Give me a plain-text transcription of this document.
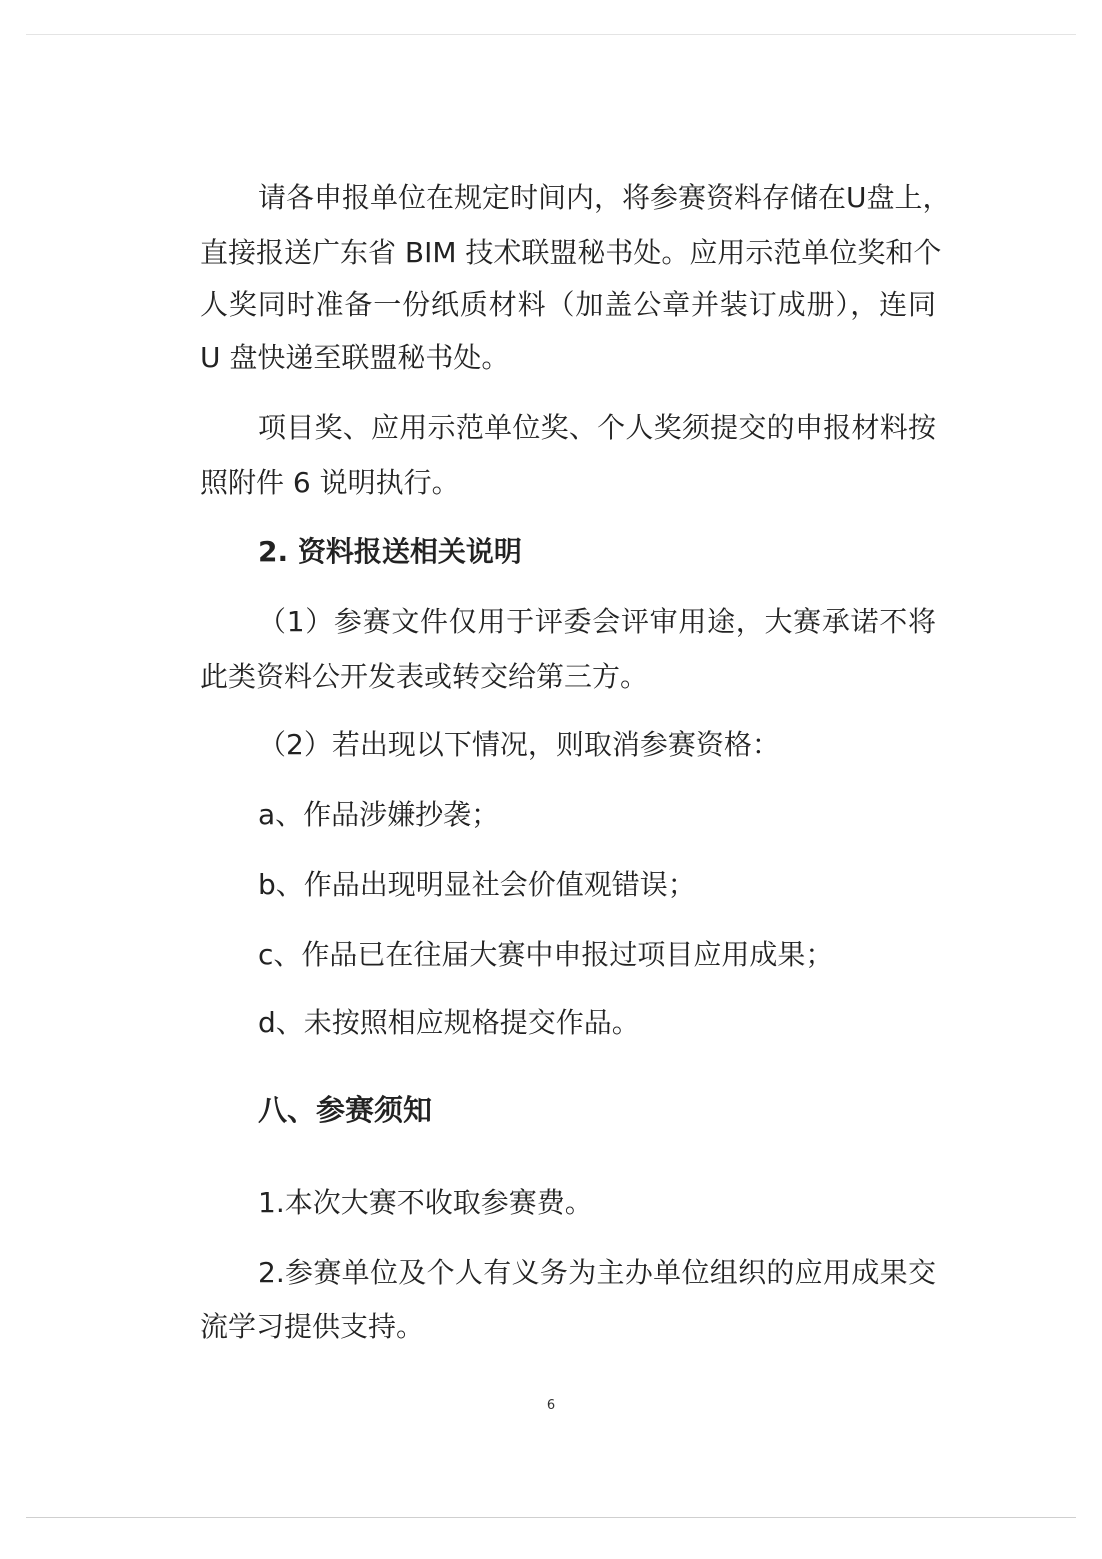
请各申报单位在规定时间内，将参赛资料存储在U盘上，
直接报送广东省 BIM 技术联盟秘书处。应用示范单位奖和个
人奖同时准备一份纸质材料（加盖公章并装订成册），连同
U 盘快递至联盟秘书处。
项目奖、应用示范单位奖、个人奖须提交的申报材料按
照附件 6 说明执行。
2. 资料报送相关说明
（1）参赛文件仅用于评委会评审用途，大赛承诺不将
此类资料公开发表或转交给第三方。
（2）若出现以下情况，则取消参赛资格：
a、作品涉嫌抄袭；
b、作品出现明显社会价值观错误；
c、作品已在往届大赛中申报过项目应用成果；
d、未按照相应规格提交作品。
八、参赛须知
1.本次大赛不收取参赛费。
2.参赛单位及个人有义务为主办单位组织的应用成果交
流学习提供支持。
6
